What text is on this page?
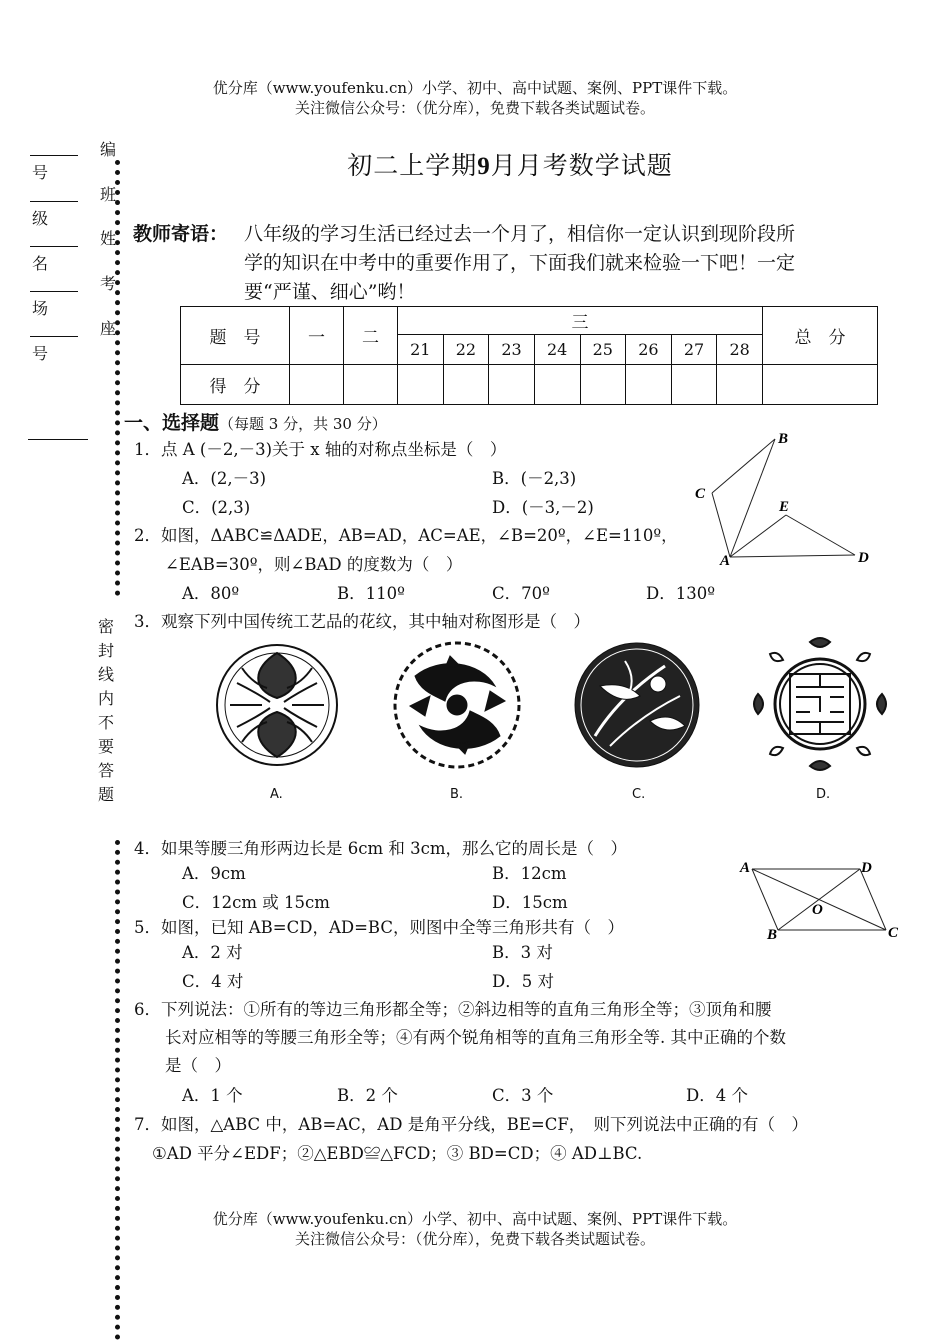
优分库（www.youfenku.cn）小学、初中、高中试题、案例、PPT课件下载。
关注微信公众号：（优分库），免费下载各类试题试卷。
初二上学期9月月考数学试题
号
级
名
场
号
编
班
姓
考
座
密
封
线
内
不
要
答
题
教师寄语： 八年级的学习生活已经过去一个月了，相信你一定认识到现阶段所
学的知识在中考中的重要作用了，下面我们就来检验一下吧！一定
要“严谨、细心”哟！
题　号	一	二	三								总　分
			21	22	23	24	25	26	27	28	
得　分											
一、选择题（每题 3 分，共 30 分）
1．点 A (－2,－3)关于 x 轴的对称点坐标是（　）
A．(2,－3)	B．(－2,3)
C．(2,3)	D．(－3,－2)
B
C
E
A	D
2．如图，ΔABC≌ΔADE，AB=AD，AC=AE，∠B=20º，∠E=110º，
∠EAB=30º，则∠BAD 的度数为（　）
A．80º	B．110º	C．70º	D．130º
3．观察下列中国传统工艺品的花纹，其中轴对称图形是（　）
A.	B.	C.	D.
4．如果等腰三角形两边长是 6cm 和 3cm，那么它的周长是（　）
A．9cm	B．12cm
C．12cm 或 15cm	D．15cm
A	D
O
B	C
5．如图，已知 AB=CD，AD=BC，则图中全等三角形共有（　）
A．2 对	B．3 对
C．4 对	D．5 对
6．下列说法：①所有的等边三角形都全等；②斜边相等的直角三角形全等；③顶角和腰
长对应相等的等腰三角形全等；④有两个锐角相等的直角三角形全等. 其中正确的个数
是（　）
A．1 个	B．2 个	C．3 个	D．4 个
7．如图，△ABC 中，AB=AC，AD 是角平分线，BE=CF，　则下列说法中正确的有（　）
①AD 平分∠EDF；②△EBD≌△FCD；③ BD=CD；④ AD⊥BC.
优分库（www.youfenku.cn）小学、初中、高中试题、案例、PPT课件下载。
关注微信公众号：（优分库），免费下载各类试题试卷。
